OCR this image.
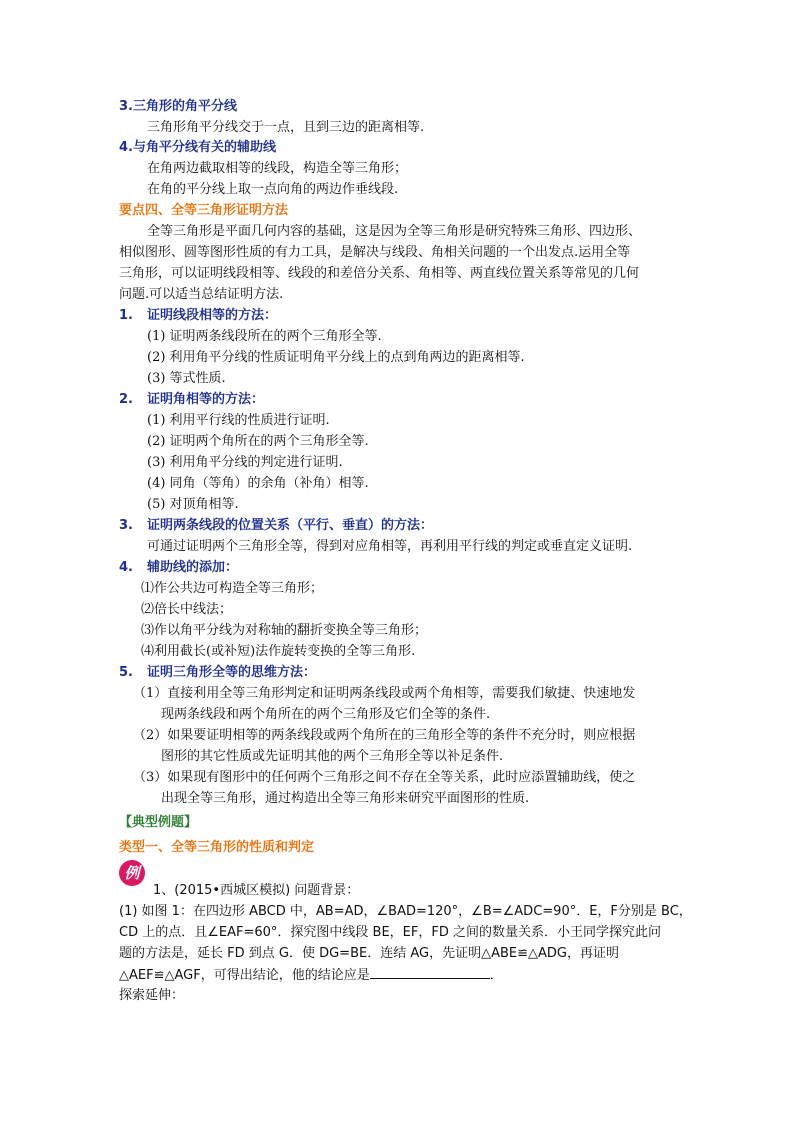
3.三角形的角平分线
三角形角平分线交于一点，且到三边的距离相等.
4.与角平分线有关的辅助线
在角两边截取相等的线段，构造全等三角形；
在角的平分线上取一点向角的两边作垂线段.
要点四、全等三角形证明方法
全等三角形是平面几何内容的基础，这是因为全等三角形是研究特殊三角形、四边形、
相似图形、圆等图形性质的有力工具，是解决与线段、角相关问题的一个出发点.运用全等
三角形，可以证明线段相等、线段的和差倍分关系、角相等、两直线位置关系等常见的几何
问题.可以适当总结证明方法.
1. 证明线段相等的方法：
(1) 证明两条线段所在的两个三角形全等.
(2) 利用角平分线的性质证明角平分线上的点到角两边的距离相等.
(3) 等式性质.
2. 证明角相等的方法：
(1) 利用平行线的性质进行证明.
(2) 证明两个角所在的两个三角形全等.
(3) 利用角平分线的判定进行证明.
(4) 同角（等角）的余角（补角）相等.
(5) 对顶角相等.
3. 证明两条线段的位置关系（平行、垂直）的方法：
可通过证明两个三角形全等，得到对应角相等，再利用平行线的判定或垂直定义证明.
4. 辅助线的添加：
⑴作公共边可构造全等三角形；
⑵倍长中线法；
⑶作以角平分线为对称轴的翻折变换全等三角形；
⑷利用截长(或补短)法作旋转变换的全等三角形.
5. 证明三角形全等的思维方法：
（1）直接利用全等三角形判定和证明两条线段或两个角相等，需要我们敏捷、快速地发
现两条线段和两个角所在的两个三角形及它们全等的条件.
（2）如果要证明相等的两条线段或两个角所在的三角形全等的条件不充分时，则应根据
图形的其它性质或先证明其他的两个三角形全等以补足条件.
（3）如果现有图形中的任何两个三角形之间不存在全等关系，此时应添置辅助线，使之
出现全等三角形，通过构造出全等三角形来研究平面图形的性质.
【典型例题】
类型一、全等三角形的性质和判定
例
1、(2015•西城区模拟) 问题背景：
(1) 如图 1：在四边形 ABCD 中，AB=AD，∠BAD=120°，∠B=∠ADC=90°．E，F分别是 BC，
CD 上的点．且∠EAF=60°．探究图中线段 BE，EF，FD 之间的数量关系．小王同学探究此问
题的方法是，延长 FD 到点 G．使 DG=BE．连结 AG，先证明△ABE≌△ADG，再证明
△AEF≌△AGF，可得出结论，他的结论应是	．
探索延伸：
